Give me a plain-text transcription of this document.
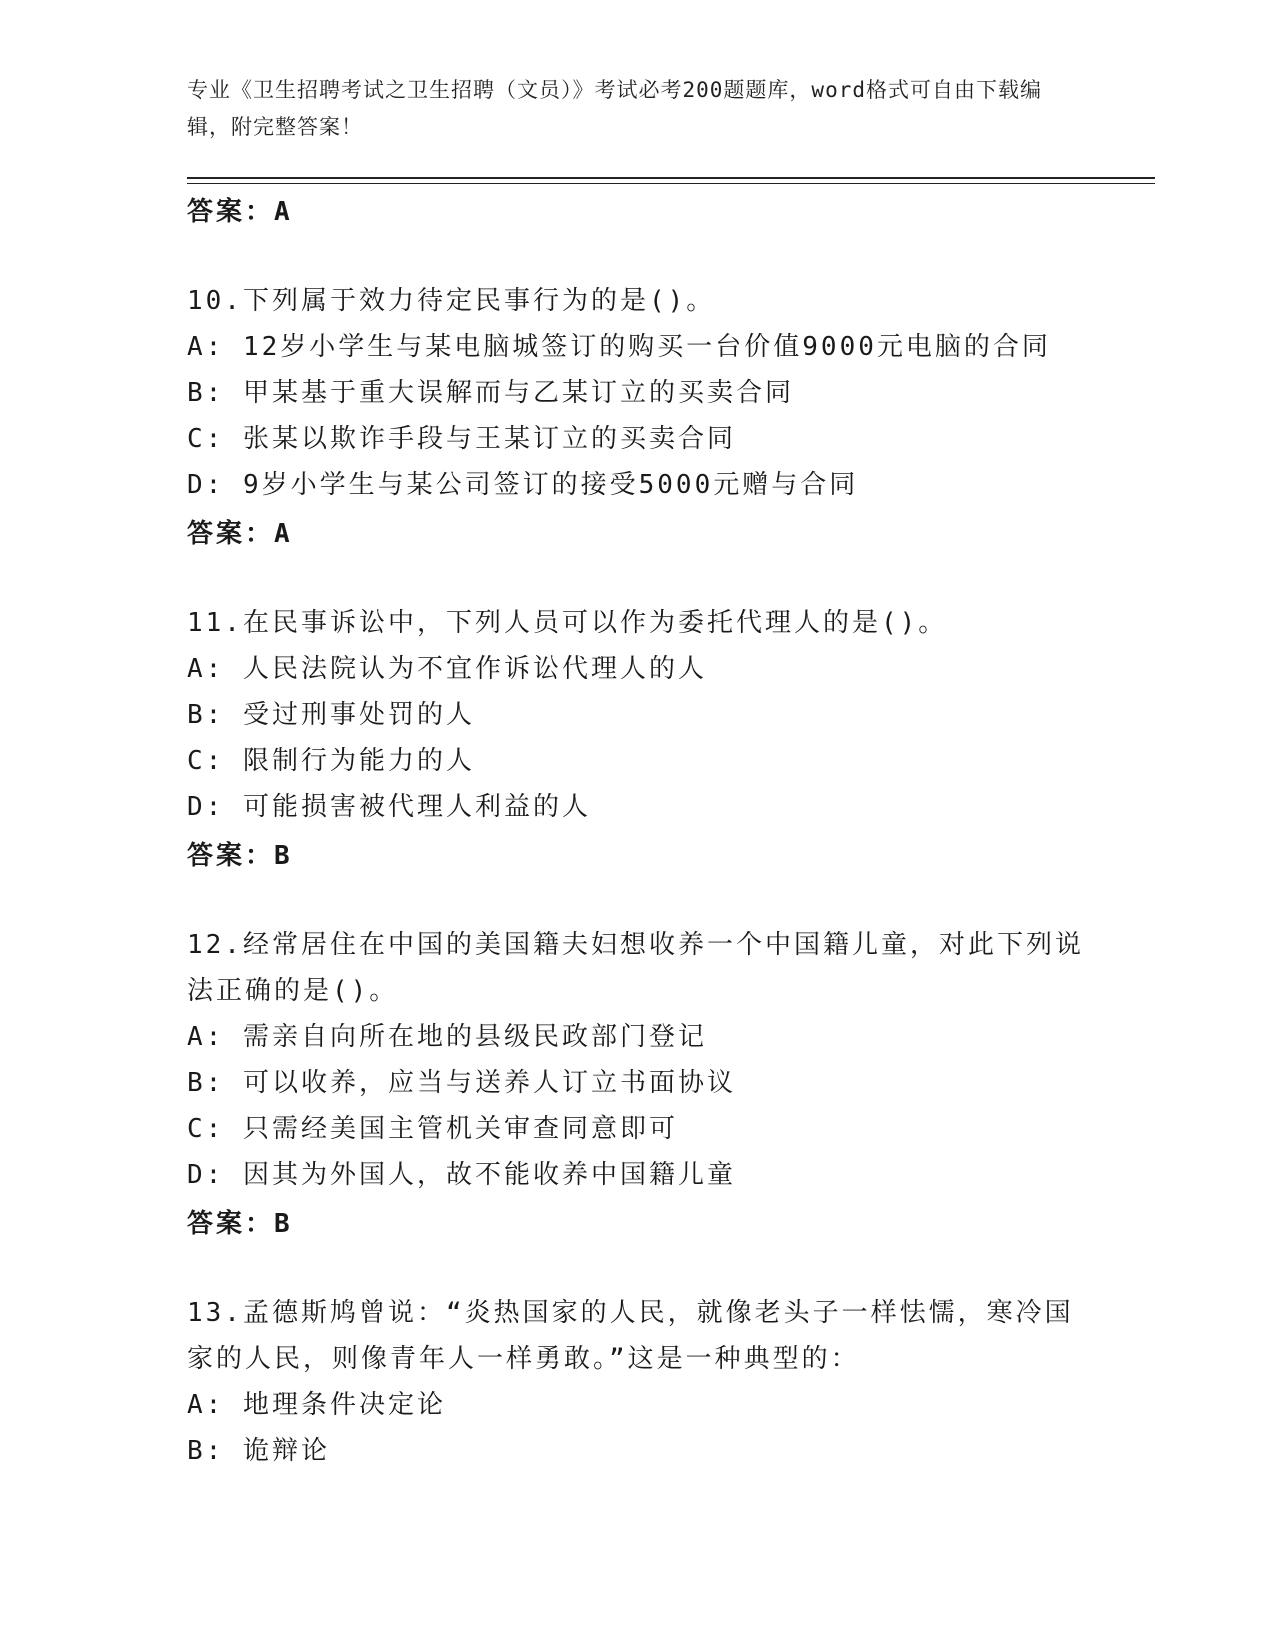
专业《卫生招聘考试之卫生招聘（文员）》考试必考200题题库，word格式可自由下载编辑，附完整答案！
答案：A
10.下列属于效力待定民事行为的是()。
A: 12岁小学生与某电脑城签订的购买一台价值9000元电脑的合同
B: 甲某基于重大误解而与乙某订立的买卖合同
C: 张某以欺诈手段与王某订立的买卖合同
D: 9岁小学生与某公司签订的接受5000元赠与合同
答案：A
11.在民事诉讼中，下列人员可以作为委托代理人的是()。
A: 人民法院认为不宜作诉讼代理人的人
B: 受过刑事处罚的人
C: 限制行为能力的人
D: 可能损害被代理人利益的人
答案：B
12.经常居住在中国的美国籍夫妇想收养一个中国籍儿童，对此下列说法正确的是()。
A: 需亲自向所在地的县级民政部门登记
B: 可以收养，应当与送养人订立书面协议
C: 只需经美国主管机关审查同意即可
D: 因其为外国人，故不能收养中国籍儿童
答案：B
13.孟德斯鸠曾说：“炎热国家的人民，就像老头子一样怯懦，寒冷国家的人民，则像青年人一样勇敢。”这是一种典型的：
A: 地理条件决定论
B: 诡辩论
